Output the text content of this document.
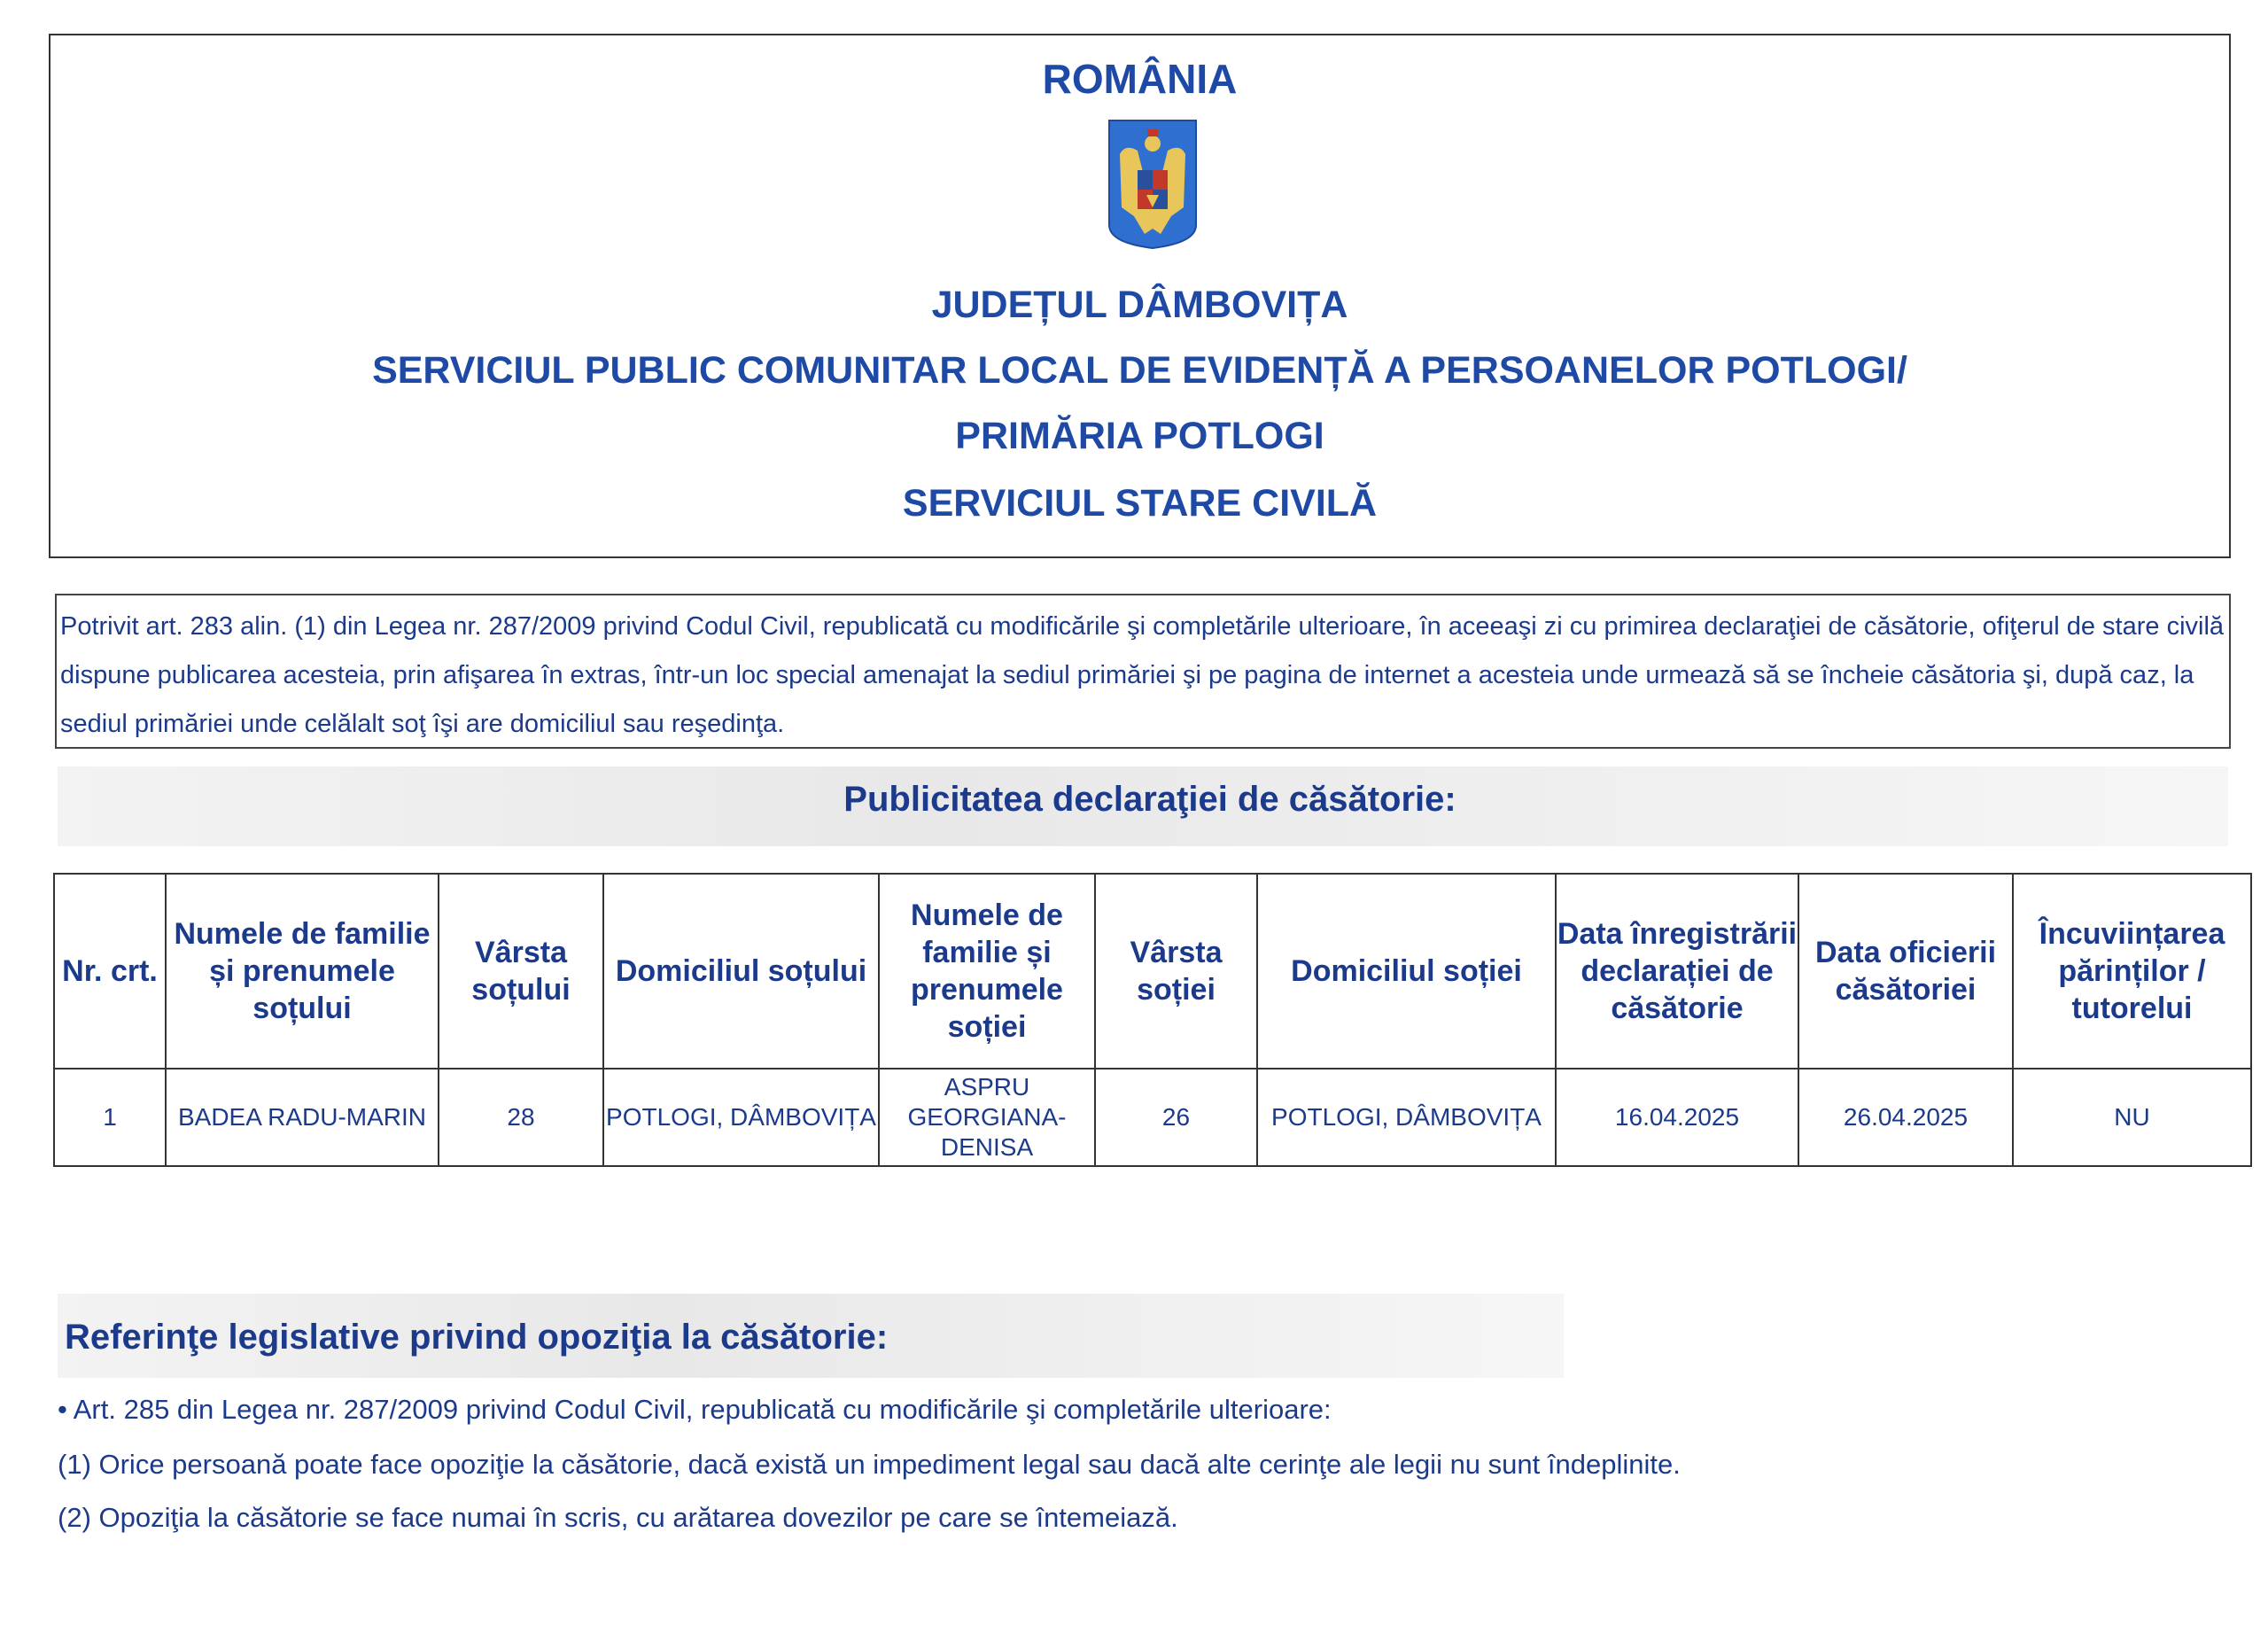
ROMÂNIA
JUDEȚUL DÂMBOVIȚA
SERVICIUL PUBLIC COMUNITAR LOCAL DE EVIDENȚĂ A PERSOANELOR POTLOGI/
PRIMĂRIA POTLOGI
SERVICIUL STARE CIVILĂ
Potrivit art. 283 alin. (1) din Legea nr. 287/2009 privind Codul Civil, republicată cu modificările şi completările ulterioare, în aceeaşi zi cu primirea declaraţiei de căsătorie, ofiţerul de stare civilă dispune publicarea acesteia, prin afişarea în extras, într-un loc special amenajat la sediul primăriei şi pe pagina de internet a acesteia unde urmează să se încheie căsătoria şi, după caz, la sediul primăriei unde celălalt soţ îşi are domiciliul sau reşedinţa.
Publicitatea declaraţiei de căsătorie:
Nr. crt.	Numele de familie și prenumele soțului	Vârsta soțului	Domiciliul soțului	Numele de familie și prenumele soției	Vârsta soției	Domiciliul soției	Data înregistrării declarației de căsătorie	Data oficierii căsătoriei	Încuviințarea părinților / tutorelui
1	BADEA RADU-MARIN	28	POTLOGI, DÂMBOVIȚA	ASPRU GEORGIANA-DENISA	26	POTLOGI, DÂMBOVIȚA	16.04.2025	26.04.2025	NU
Referinţe legislative privind opoziţia la căsătorie:
• Art. 285 din Legea nr. 287/2009 privind Codul Civil, republicată cu modificările şi completările ulterioare:
(1) Orice persoană poate face opoziţie la căsătorie, dacă există un impediment legal sau dacă alte cerinţe ale legii nu sunt îndeplinite.
(2) Opoziţia la căsătorie se face numai în scris, cu arătarea dovezilor pe care se întemeiază.
